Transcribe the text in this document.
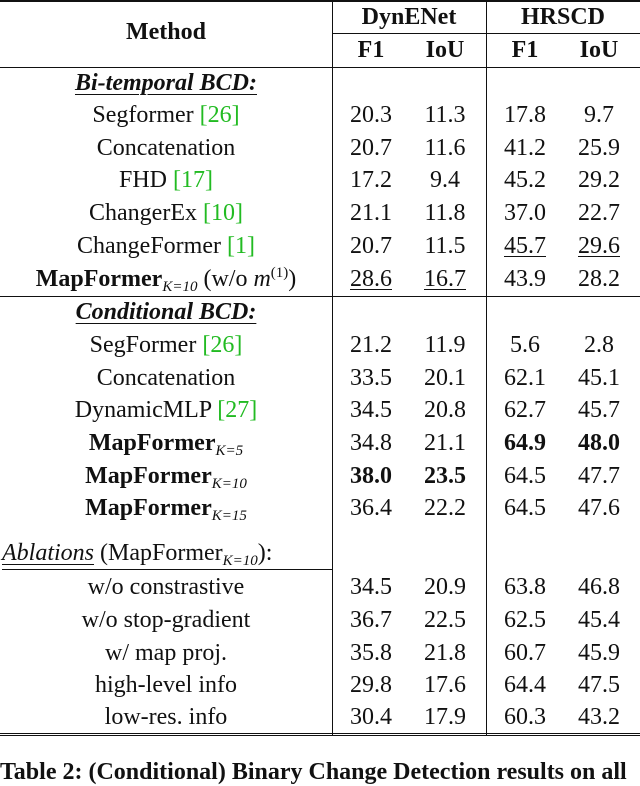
Method
DynENet	HRSCD
F1	IoU	F1	IoU
Bi-temporal BCD:
Segformer [26]	20.3	11.3	17.8	9.7
Concatenation	20.7	11.6	41.2	25.9
FHD [17]	17.2	9.4	45.2	29.2
ChangerEx [10]	21.1	11.8	37.0	22.7
ChangeFormer [1]	20.7	11.5	45.7	29.6
MapFormer$_{K=10}$ (w/o $m^{(1)}$)	28.6	16.7	43.9	28.2
Conditional BCD:
SegFormer [26]	21.2	11.9	5.6	2.8
Concatenation	33.5	20.1	62.1	45.1
DynamicMLP [27]	34.5	20.8	62.7	45.7
MapFormer$_{K=5}$	34.8	21.1	64.9	48.0
MapFormer$_{K=10}$	38.0	23.5	64.5	47.7
MapFormer$_{K=15}$	36.4	22.2	64.5	47.6
Ablations (MapFormer$_{K=10}$):
w/o constrastive	34.5	20.9	63.8	46.8
w/o stop-gradient	36.7	22.5	62.5	45.4
w/ map proj.	35.8	21.8	60.7	45.9
high-level info	29.8	17.6	64.4	47.5
low-res. info	30.4	17.9	60.3	43.2
Table 2: (Conditional) Binary Change Detection results on all
